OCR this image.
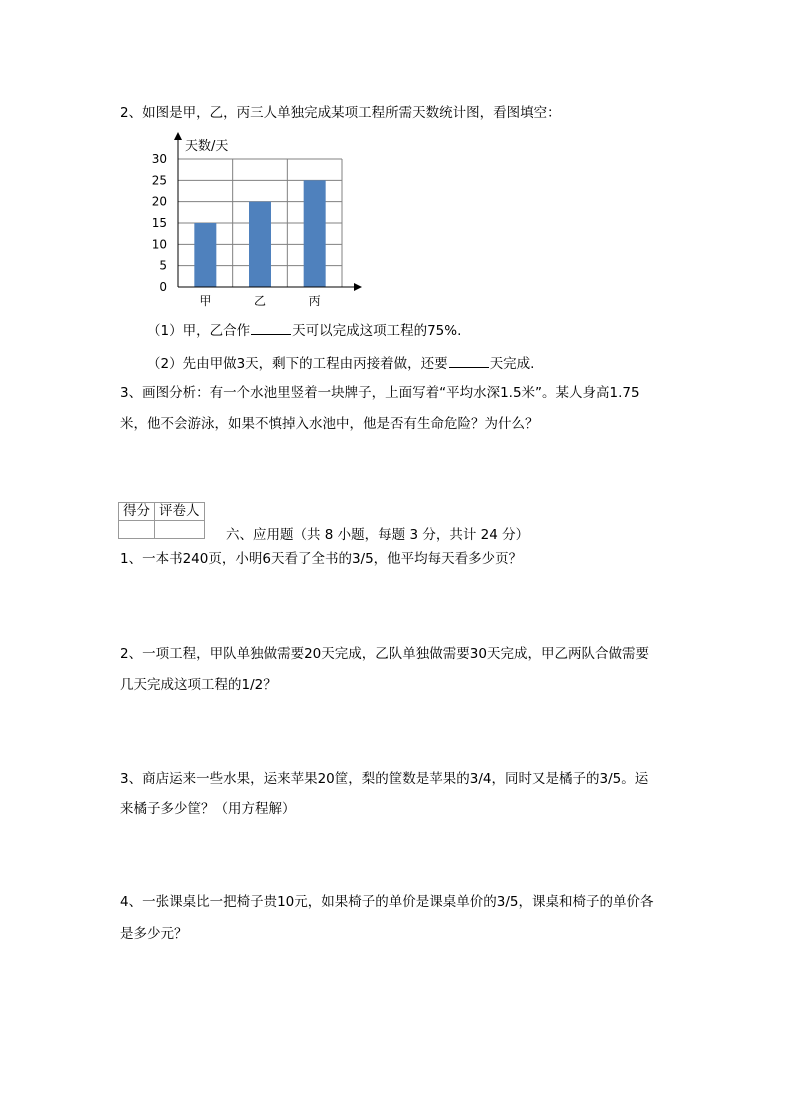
2、如图是甲，乙，丙三人单独完成某项工程所需天数统计图，看图填空：
0
5
10
15
20
25
30
甲	乙	丙
天数/天
（1）甲，乙合作	天可以完成这项工程的75%.
（2）先由甲做3天，剩下的工程由丙接着做，还要	天完成.
3、画图分析：有一个水池里竖着一块牌子，上面写着“平均水深1.5米”。某人身高1.75
米，他不会游泳，如果不慎掉入水池中，他是否有生命危险？为什么？
得分	评卷人

六、应用题（共 8 小题，每题 3 分，共计 24 分）
1、一本书240页，小明6天看了全书的3/5，他平均每天看多少页？
2、一项工程，甲队单独做需要20天完成，乙队单独做需要30天完成，甲乙两队合做需要
几天完成这项工程的1/2？
3、商店运来一些水果，运来苹果20筐，梨的筐数是苹果的3/4，同时又是橘子的3/5。运
来橘子多少筐？（用方程解）
4、一张课桌比一把椅子贵10元，如果椅子的单价是课桌单价的3/5，课桌和椅子的单价各
是多少元？
